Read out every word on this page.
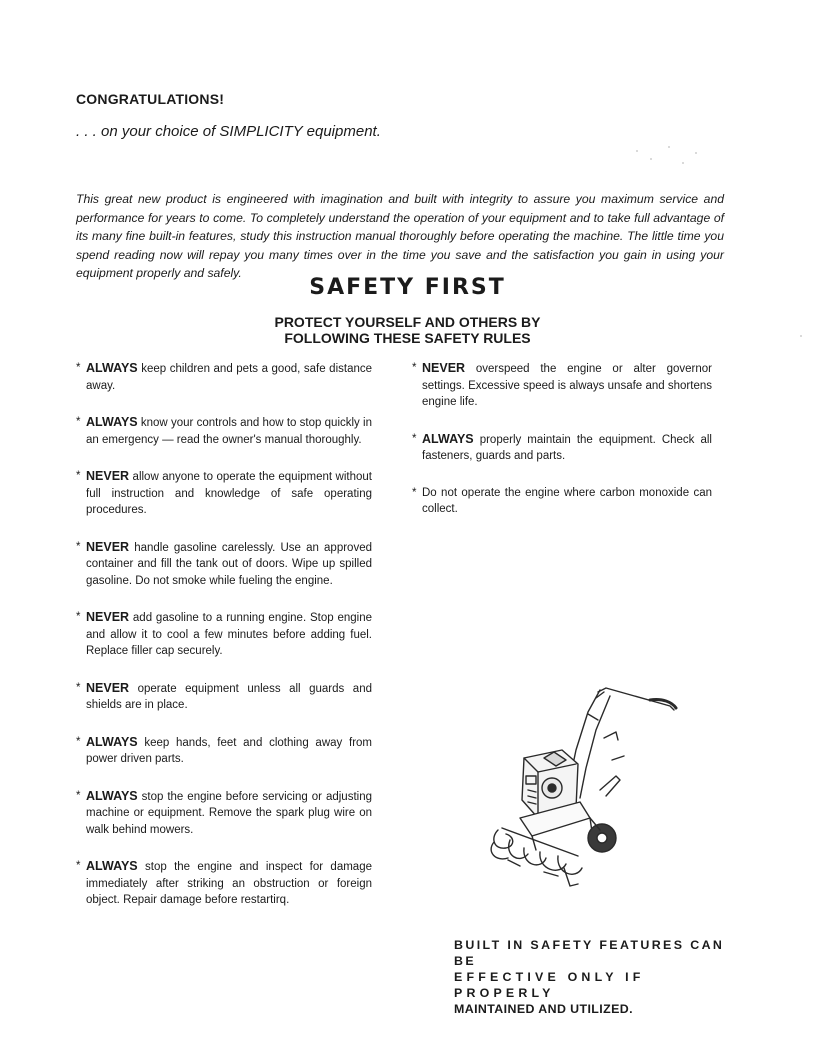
CONGRATULATIONS!

. . . on your choice of SIMPLICITY equipment.

This great new product is engineered with imagination and built with integrity to assure you maximum service and performance for years to come. To completely understand the operation of your equipment and to take full advantage of its many fine built-in features, study this instruction manual thoroughly before operating the machine. The little time you spend reading now will repay you many times over in the time you save and the satisfaction you gain in using your equipment properly and safely.

SAFETY FIRST
PROTECT YOURSELF AND OTHERS BY
FOLLOWING THESE SAFETY RULES
* ALWAYS keep children and pets a good, safe distance away.
* ALWAYS know your controls and how to stop quickly in an emergency — read the owner's manual thoroughly.
* NEVER allow anyone to operate the equipment without full instruction and knowledge of safe operating procedures.
* NEVER handle gasoline carelessly. Use an approved container and fill the tank out of doors. Wipe up spilled gasoline. Do not smoke while fueling the engine.
* NEVER add gasoline to a running engine. Stop engine and allow it to cool a few minutes before adding fuel. Replace filler cap securely.
* NEVER operate equipment unless all guards and shields are in place.
* ALWAYS keep hands, feet and clothing away from power driven parts.
* ALWAYS stop the engine before servicing or adjusting machine or equipment. Remove the spark plug wire on walk behind mowers.
* ALWAYS stop the engine and inspect for damage immediately after striking an obstruction or foreign object. Repair damage before restartirq.
* NEVER overspeed the engine or alter governor settings. Excessive speed is always unsafe and shortens engine life.
* ALWAYS properly maintain the equipment. Check all fasteners, guards and parts.
* Do not operate the engine where carbon monoxide can collect.
BUILT IN SAFETY FEATURES CAN BE
EFFECTIVE ONLY IF PROPERLY
MAINTAINED AND UTILIZED.
